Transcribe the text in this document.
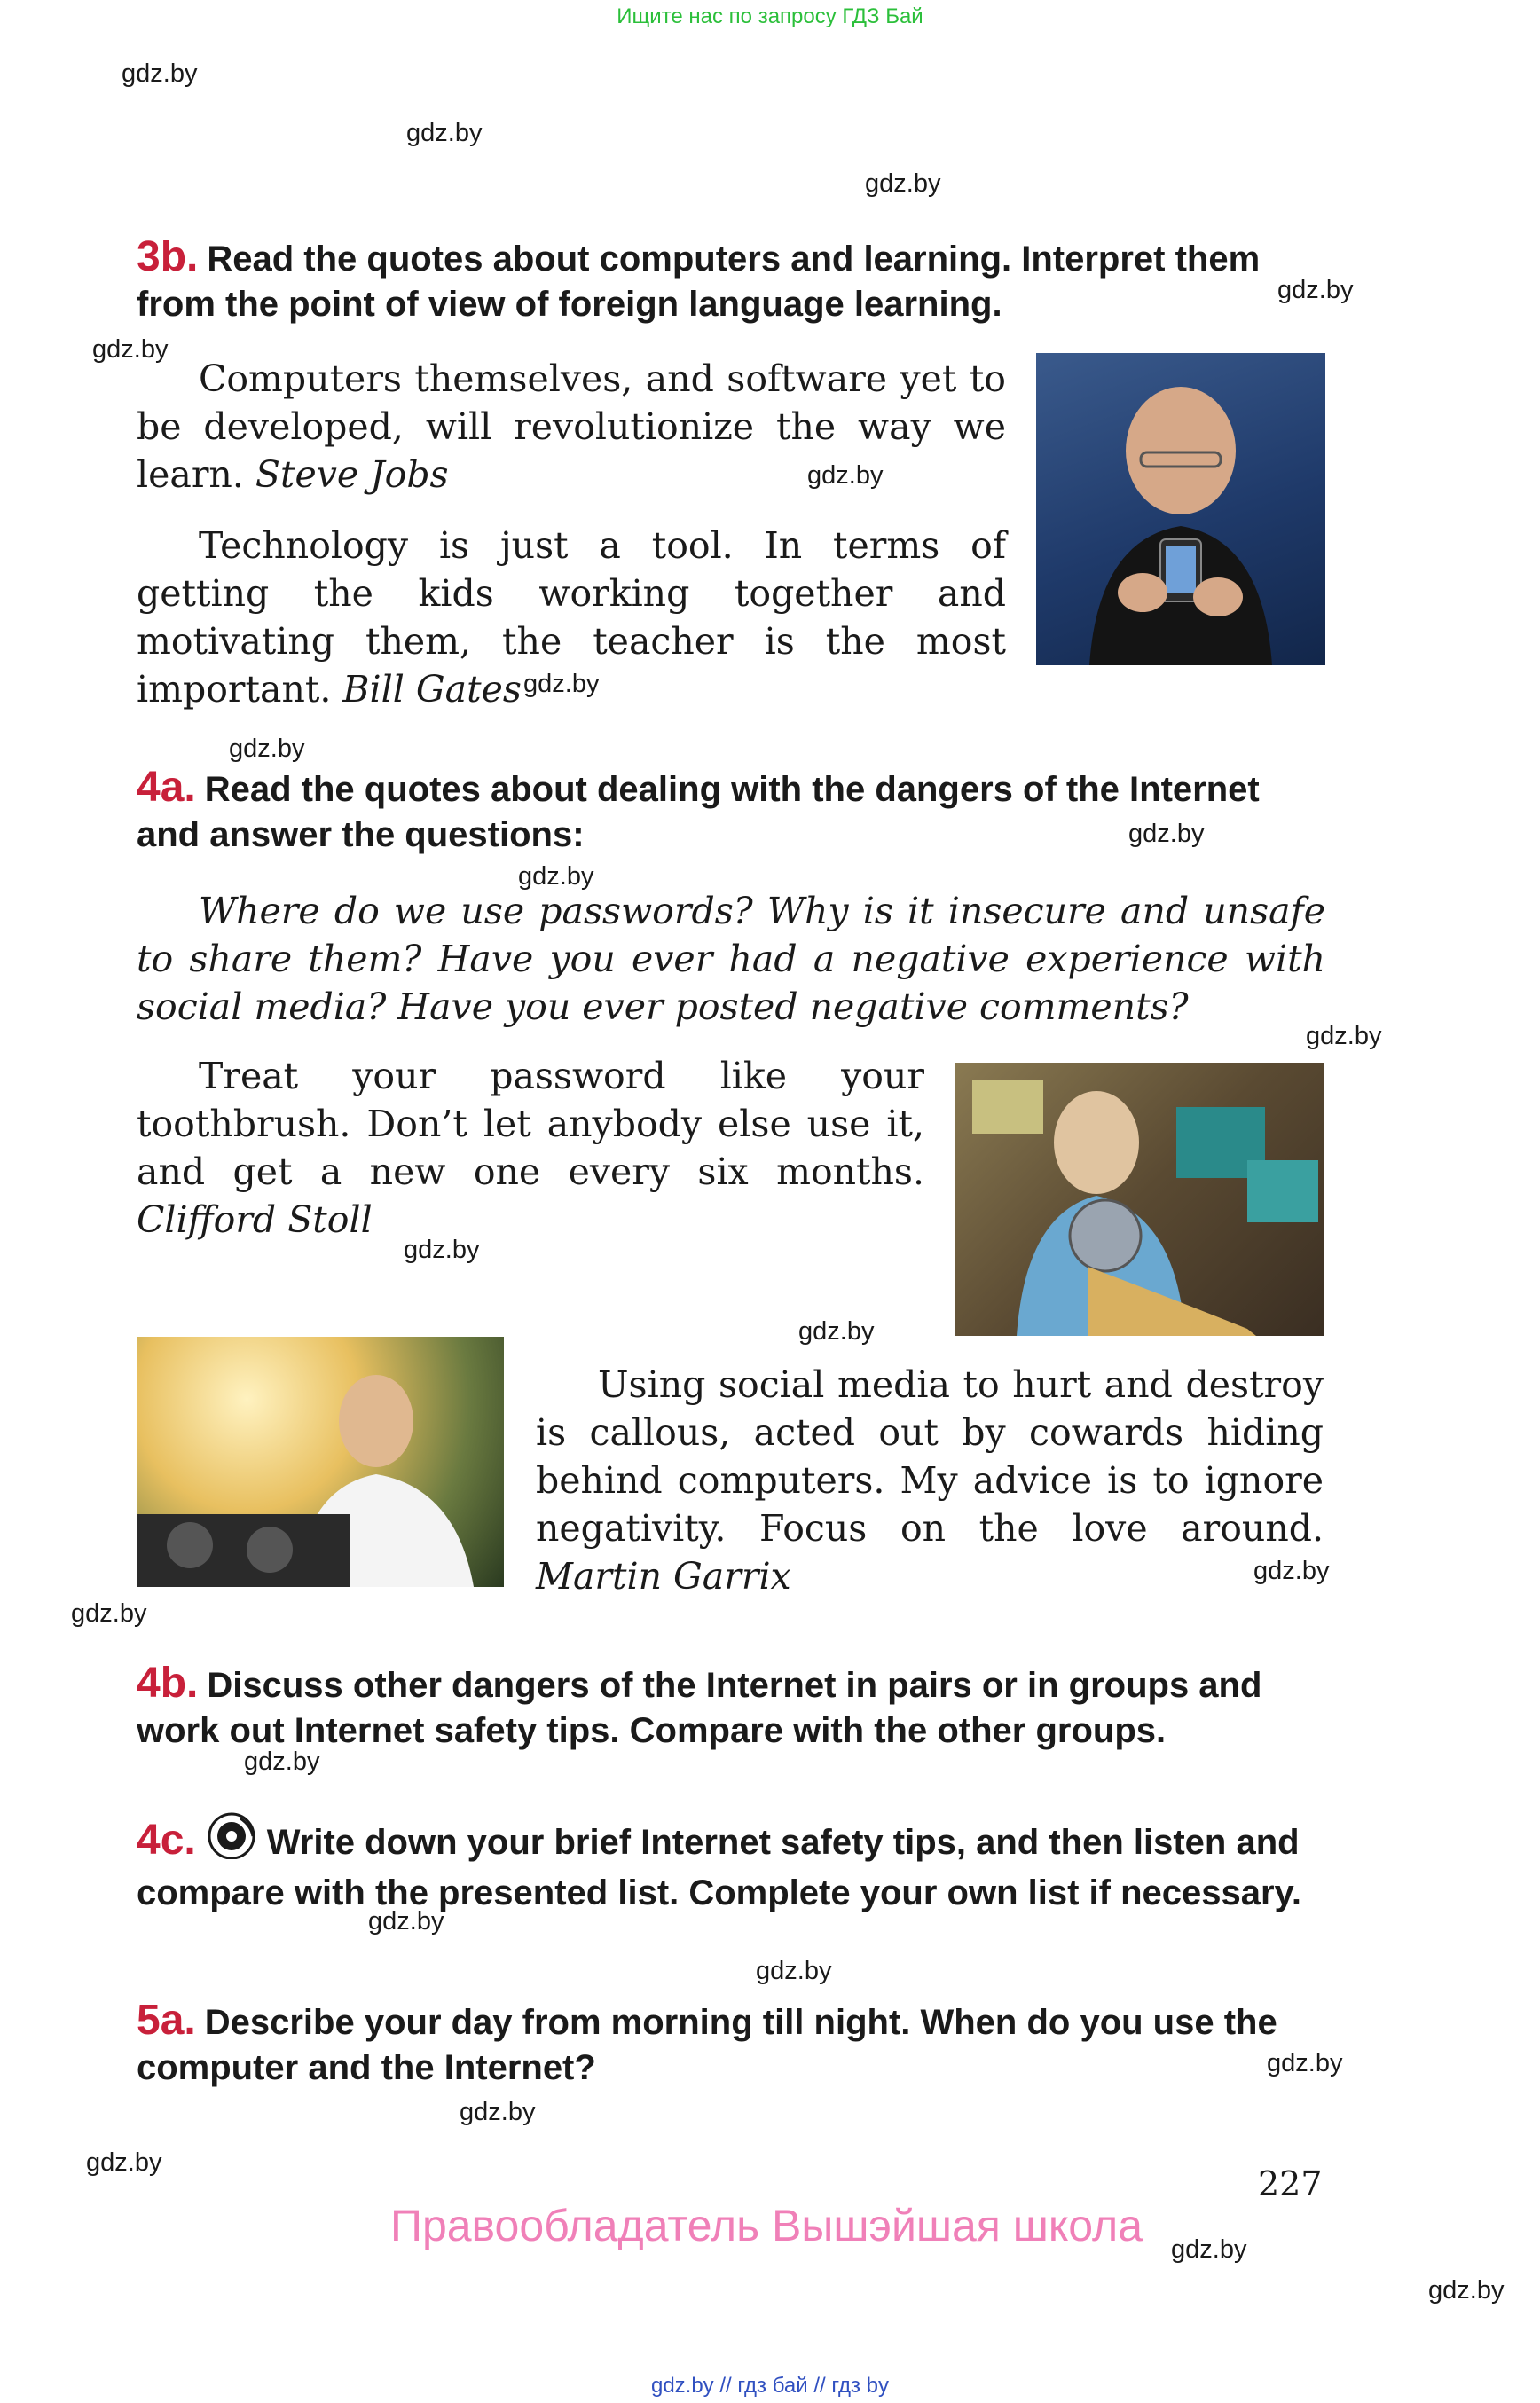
Ищите нас по запросу ГДЗ Бай
gdz.by
gdz.by
gdz.by
gdz.by
gdz.by
gdz.by
gdz.by
gdz.by
gdz.by
gdz.by
gdz.by
gdz.by
gdz.by
gdz.by
gdz.by
gdz.by
gdz.by
gdz.by
gdz.by
gdz.by
gdz.by
gdz.by
gdz.by
3b. Read the quotes about computers and learning. Interpret them from the point of view of foreign language learning.

Computers themselves, and software yet to be developed, will revolutionize the way we learn. Steve Jobs

Technology is just a tool. In terms of getting the kids working together and motivating them, the teacher is the most important. Bill Gates

4a. Read the quotes about dealing with the dangers of the Internet and answer the questions:

Where do we use passwords? Why is it insecure and unsafe to share them? Have you ever had a negative experience with social media? Have you ever posted negative comments?

Treat your password like your toothbrush. Don’t let anybody else use it, and get a new one every six months. Clifford Stoll

Using social media to hurt and destroy is callous, acted out by cowards hiding behind computers. My advice is to ignore negativity. Focus on the love around. Martin Garrix

4b. Discuss other dangers of the Internet in pairs or in groups and work out Internet safety tips. Compare with the other groups.
4c. Write down your brief Internet safety tips, and then listen and compare with the presented list. Complete your own list if necessary.
5a. Describe your day from morning till night. When do you use the computer and the Internet?
227
Правообладатель Вышэйшая школа
gdz.by // гдз бай // гдз by
